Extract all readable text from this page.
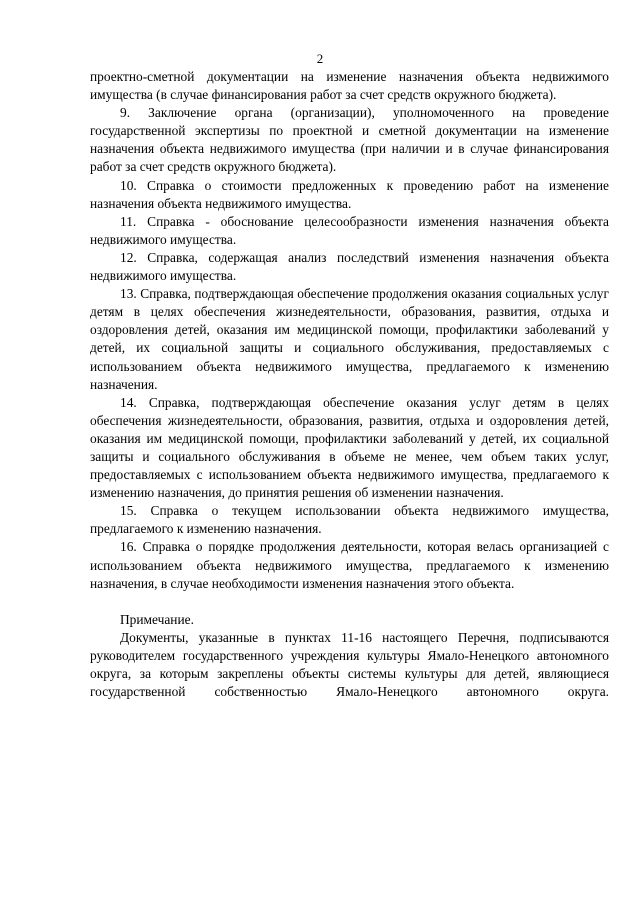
2

проектно-сметной документации на изменение назначения объекта недвижимого имущества (в случае финансирования работ за счет средств окружного бюджета).

9. Заключение органа (организации), уполномоченного на проведение государственной экспертизы по проектной и сметной документации на изменение назначения объекта недвижимого имущества (при наличии и в случае финансирования работ за счет средств окружного бюджета).

10. Справка о стоимости предложенных к проведению работ на изменение назначения объекта недвижимого имущества.

11. Справка - обоснование целесообразности изменения назначения объекта недвижимого имущества.

12. Справка, содержащая анализ последствий изменения назначения объекта недвижимого имущества.

13. Справка, подтверждающая обеспечение продолжения оказания социальных услуг детям в целях обеспечения жизнедеятельности, образования, развития, отдыха и оздоровления детей, оказания им медицинской помощи, профилактики заболеваний у детей, их социальной защиты и социального обслуживания, предоставляемых с использованием объекта недвижимого имущества, предлагаемого к изменению назначения.

14. Справка, подтверждающая обеспечение оказания услуг детям в целях обеспечения жизнедеятельности, образования, развития, отдыха и оздоровления детей, оказания им медицинской помощи, профилактики заболеваний у детей, их социальной защиты и социального обслуживания в объеме не менее, чем объем таких услуг, предоставляемых с использованием объекта недвижимого имущества, предлагаемого к изменению назначения, до принятия решения об изменении назначения.

15. Справка о текущем использовании объекта недвижимого имущества, предлагаемого к изменению назначения.

16. Справка о порядке продолжения деятельности, которая велась организацией с использованием объекта недвижимого имущества, предлагаемого к изменению назначения, в случае необходимости изменения назначения этого объекта.

Примечание.

Документы, указанные в пунктах 11-16 настоящего Перечня, подписываются руководителем государственного учреждения культуры Ямало-Ненецкого автономного округа, за которым закреплены объекты системы культуры для детей, являющиеся государственной собственностью Ямало-Ненецкого автономного округа.
